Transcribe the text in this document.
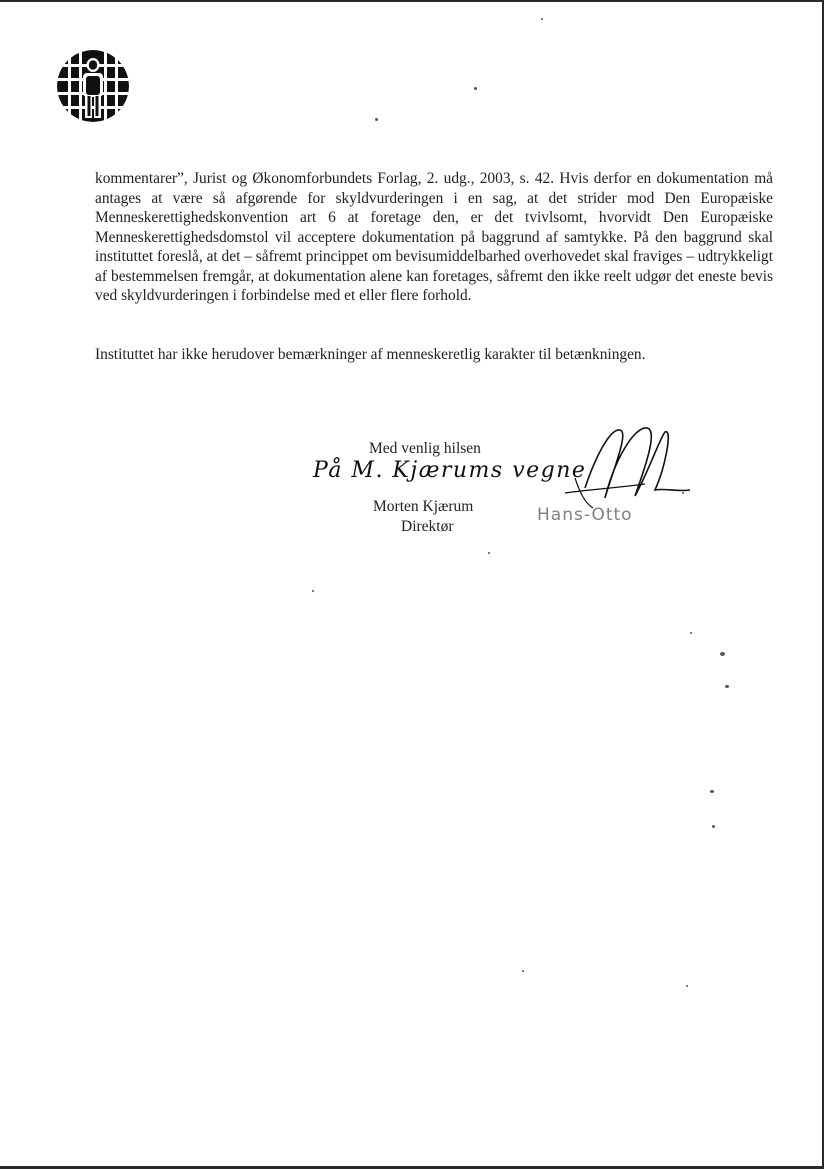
kommentarer”, Jurist og Økonomforbundets Forlag, 2. udg., 2003, s. 42. Hvis derfor en dokumentation må antages at være så afgørende for skyldvurderingen i en sag, at det strider mod Den Europæiske Menneskerettighedskonvention art 6 at foretage den, er det tvivlsomt, hvorvidt Den Europæiske Menneskerettighedsdomstol vil acceptere dokumentation på baggrund af samtykke. På den baggrund skal instituttet foreslå, at det – såfremt princippet om bevisumiddelbarhed overhovedet skal fraviges – udtrykkeligt af bestemmelsen fremgår, at dokumentation alene kan foretages, såfremt den ikke reelt udgør det eneste bevis ved skyldvurderingen i forbindelse med et eller flere forhold.
Instituttet har ikke herudover bemærkninger af menneskeretlig karakter til betænkningen.
Med venlig hilsen
På M. Kjærums vegne
Morten Kjærum
Direktør
Hans-Otto
